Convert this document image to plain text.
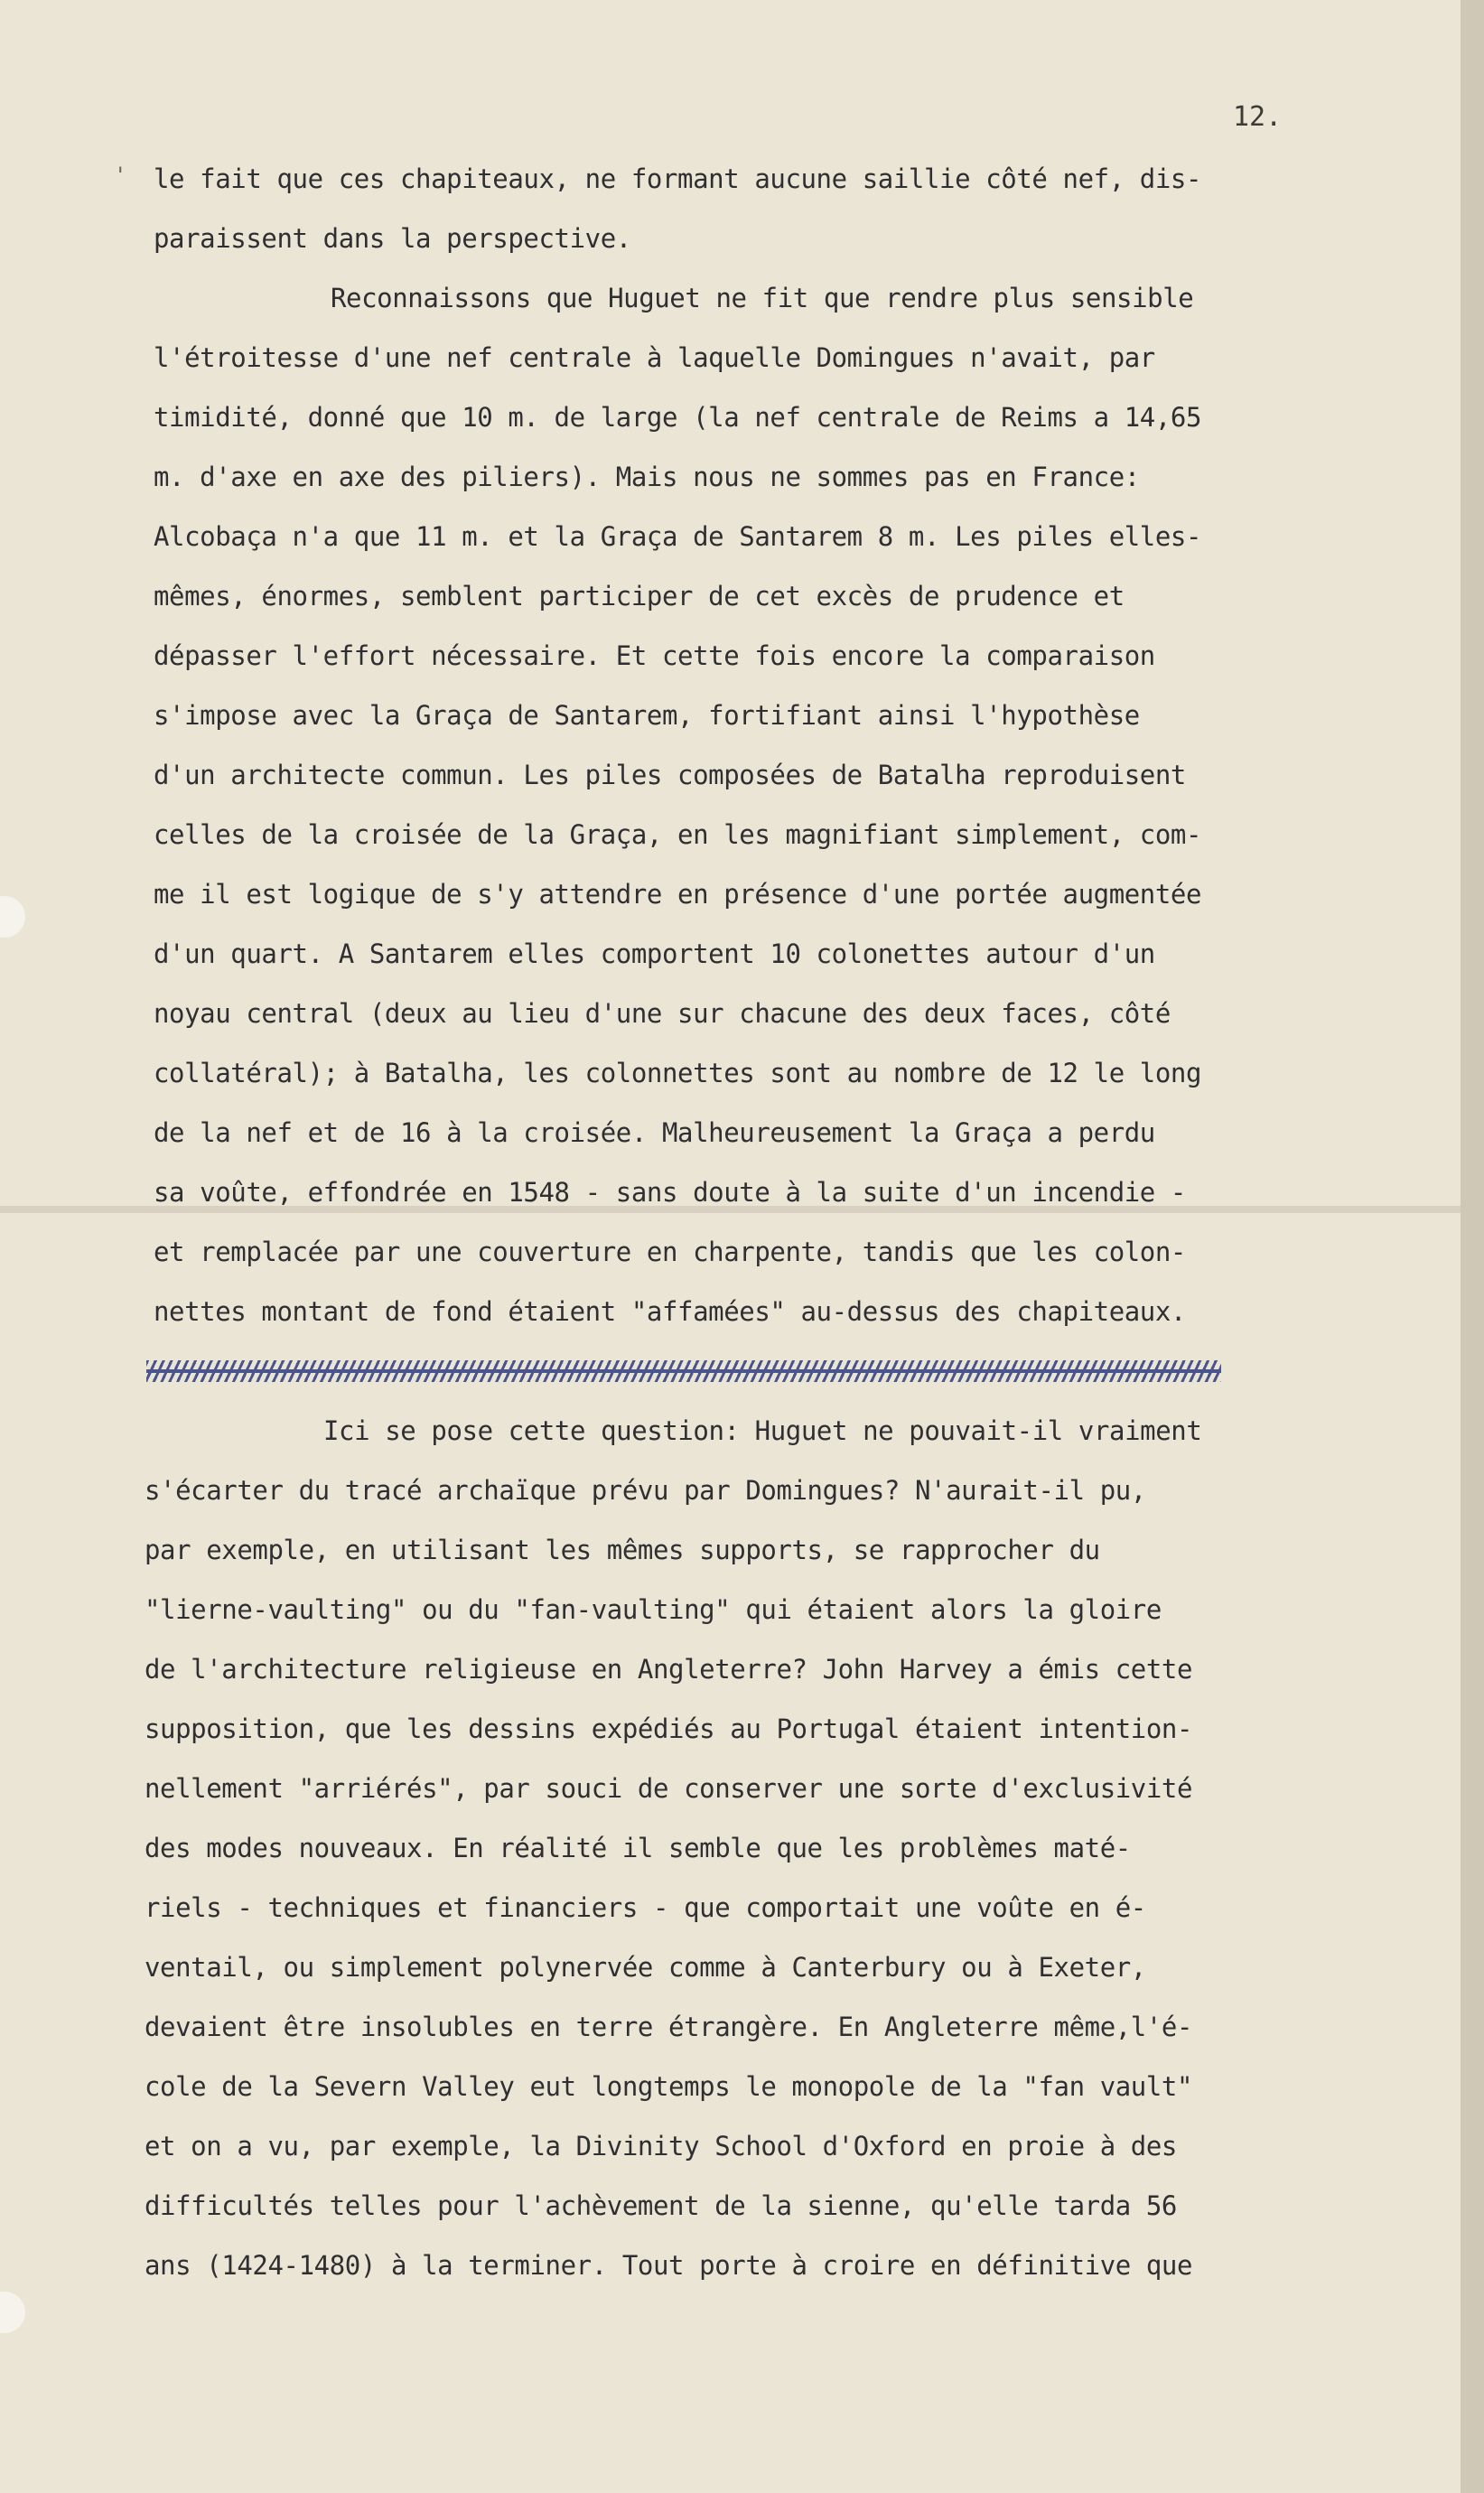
12.

' le fait que ces chapiteaux, ne formant aucune saillie côté nef, dis-

paraissent dans la perspective.

Reconnaissons que Huguet ne fit que rendre plus sensible

l'étroitesse d'une nef centrale à laquelle Domingues n'avait, par

timidité, donné que 10 m. de large (la nef centrale de Reims a 14,65

m. d'axe en axe des piliers). Mais nous ne sommes pas en France:

Alcobaça n'a que 11 m. et la Graça de Santarem 8 m. Les piles elles-

mêmes, énormes, semblent participer de cet excès de prudence et

dépasser l'effort nécessaire. Et cette fois encore la comparaison

s'impose avec la Graça de Santarem, fortifiant ainsi l'hypothèse

d'un architecte commun. Les piles composées de Batalha reproduisent

celles de la croisée de la Graça, en les magnifiant simplement, com-

me il est logique de s'y attendre en présence d'une portée augmentée

d'un quart. A Santarem elles comportent 10 colonettes autour d'un

noyau central (deux au lieu d'une sur chacune des deux faces, côté

collatéral); à Batalha, les colonnettes sont au nombre de 12 le long

de la nef et de 16 à la croisée. Malheureusement la Graça a perdu

sa voûte, effondrée en 1548 - sans doute à la suite d'un incendie -

et remplacée par une couverture en charpente, tandis que les colon-

nettes montant de fond étaient "affamées" au-dessus des chapiteaux.

Ici se pose cette question: Huguet ne pouvait-il vraiment

s'écarter du tracé archaïque prévu par Domingues? N'aurait-il pu,

par exemple, en utilisant les mêmes supports, se rapprocher du

"lierne-vaulting" ou du "fan-vaulting" qui étaient alors la gloire

de l'architecture religieuse en Angleterre? John Harvey a émis cette

supposition, que les dessins expédiés au Portugal étaient intention-

nellement "arriérés", par souci de conserver une sorte d'exclusivité

des modes nouveaux. En réalité il semble que les problèmes maté-

riels - techniques et financiers - que comportait une voûte en é-

ventail, ou simplement polynervée comme à Canterbury ou à Exeter,

devaient être insolubles en terre étrangère. En Angleterre même,l'é-

cole de la Severn Valley eut longtemps le monopole de la "fan vault"

et on a vu, par exemple, la Divinity School d'Oxford en proie à des

difficultés telles pour l'achèvement de la sienne, qu'elle tarda 56

ans (1424-1480) à la terminer. Tout porte à croire en définitive que
